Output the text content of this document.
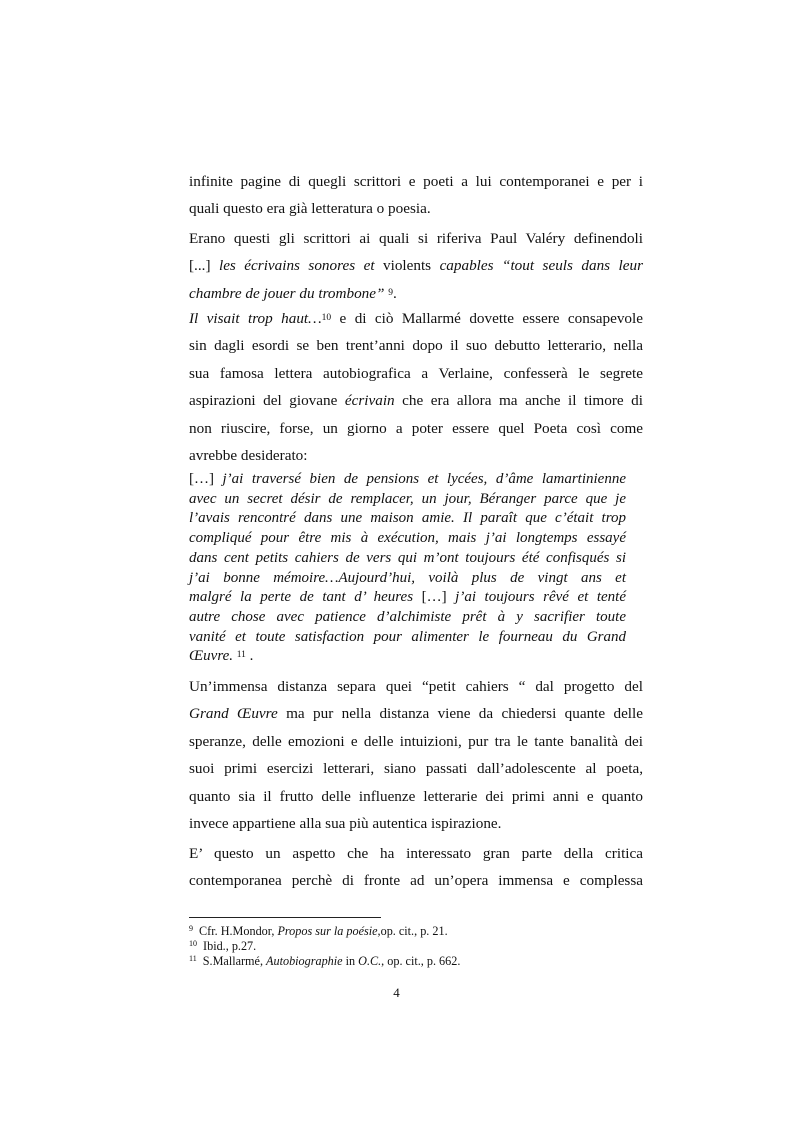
infinite pagine di quegli scrittori e poeti a lui contemporanei e per i
quali questo era già letteratura o poesia.
Erano questi gli scrittori ai quali si riferiva Paul Valéry definendoli
[...] les écrivains sonores et violents capables “tout seuls dans leur
chambre de jouer du trombone” $^9$.
Il visait trop haut…$^{10}$ e di ciò Mallarmé dovette essere consapevole
sin dagli esordi se ben trent’anni dopo il suo debutto letterario, nella
sua famosa lettera autobiografica a Verlaine, confesserà le segrete
aspirazioni del giovane écrivain che era allora ma anche il timore di
non riuscire, forse, un giorno a poter essere quel Poeta così come
avrebbe desiderato:
[…] j’ai traversé bien de pensions et lycées, d’âme lamartinienne
avec un secret désir de remplacer, un jour, Béranger parce que je
l’avais rencontré dans une maison amie. Il paraît que c’était trop
compliqué pour être mis à exécution, mais j’ai longtemps essayé
dans cent petits cahiers de vers qui m’ont toujours été confisqués si
j’ai bonne mémoire…Aujourd’hui, voilà plus de vingt ans et
malgré la perte de tant d’ heures […] j’ai toujours rêvé et tenté
autre chose avec patience d’alchimiste prêt à y sacrifier toute
vanité et toute satisfaction pour alimenter le fourneau du Grand
Œuvre. $^{11}$ .
Un’immensa distanza separa quei “petit cahiers “ dal progetto del
Grand Œuvre ma pur nella distanza viene da chiedersi quante delle
speranze, delle emozioni e delle intuizioni, pur tra le tante banalità dei
suoi primi esercizi letterari, siano passati dall’adolescente al poeta,
quanto sia il frutto delle influenze letterarie dei primi anni e quanto
invece appartiene alla sua più autentica ispirazione.
E’ questo un aspetto che ha interessato gran parte della critica
contemporanea perchè di fronte ad un’opera immensa e complessa
$^9$ Cfr. H.Mondor, Propos sur la poésie,op. cit., p. 21.
$^{10}$ Ibid., p.27.
$^{11}$ S.Mallarmé, Autobiographie in O.C., op. cit., p. 662.
4
